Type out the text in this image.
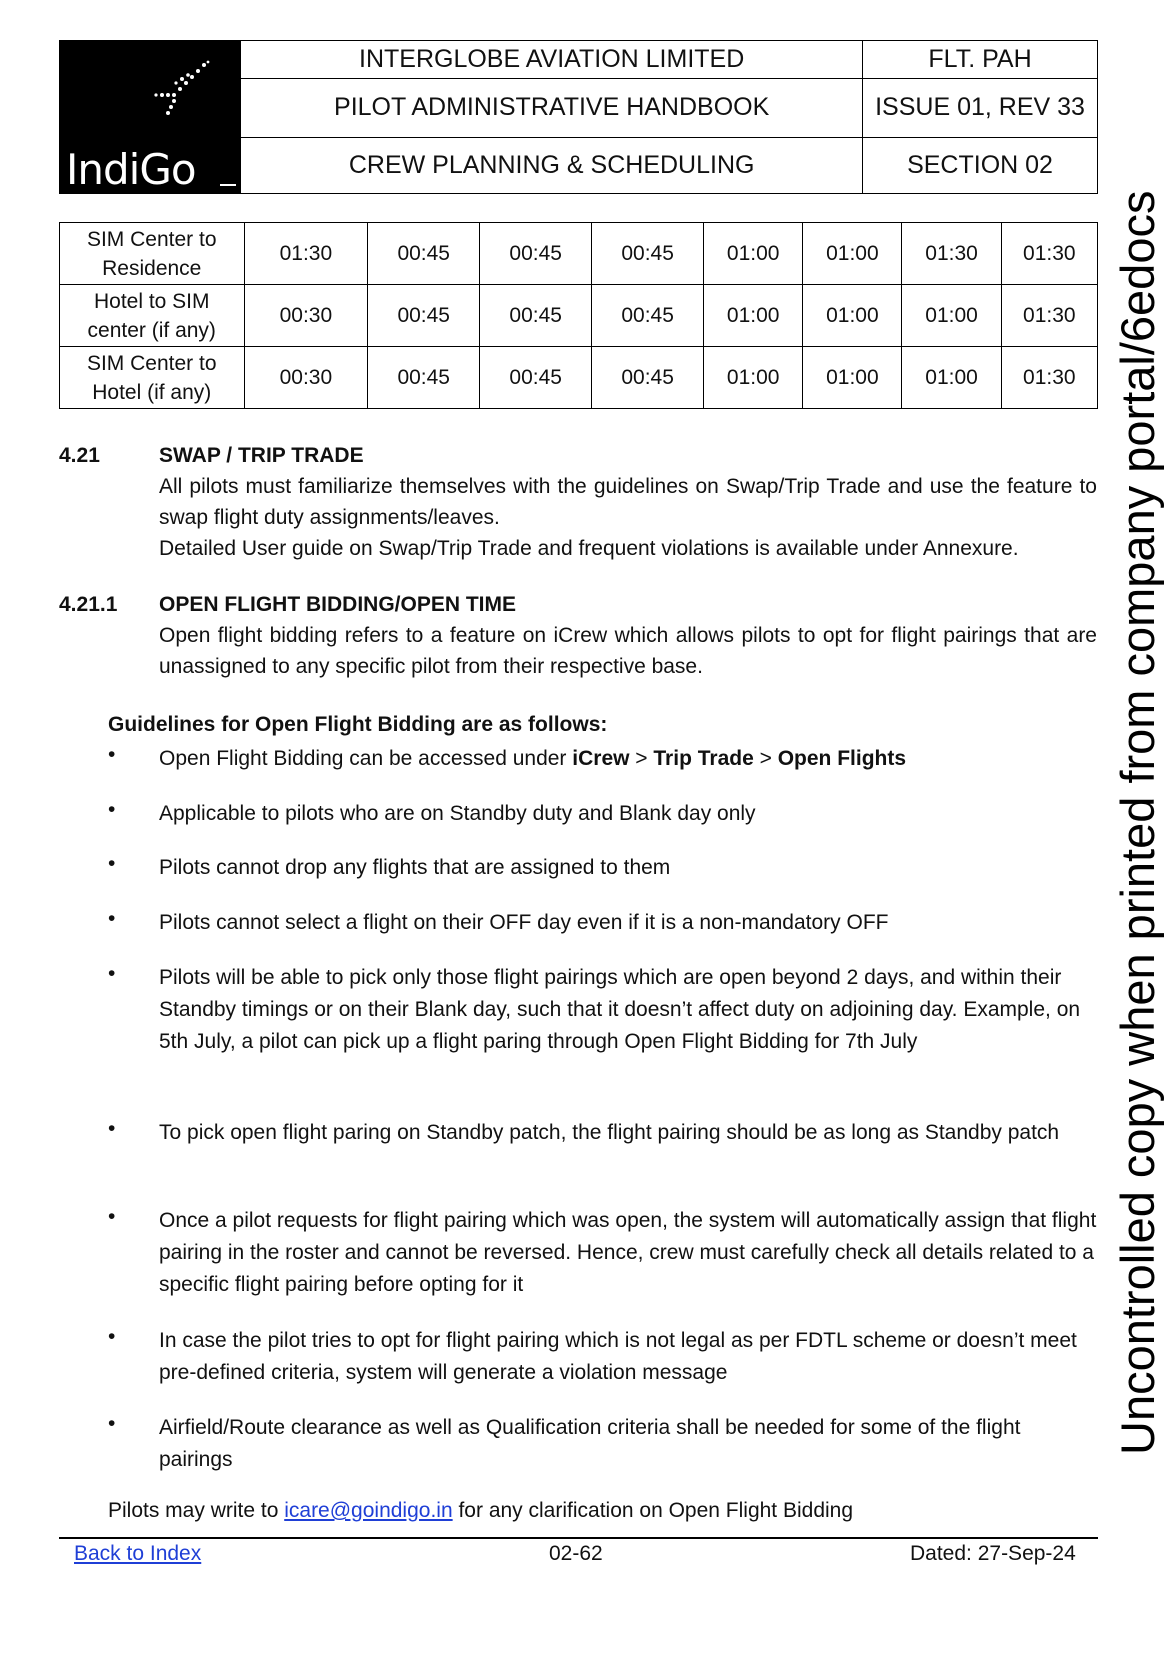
IndiGo	INTERGLOBE AVIATION LIMITED	FLT. PAH
	PILOT ADMINISTRATIVE HANDBOOK	ISSUE 01, REV 33
	CREW PLANNING & SCHEDULING	SECTION 02
SIM Center to
Residence	01:30	00:45	00:45	00:45	01:00	01:00	01:30	01:30

Hotel to SIM
center (if any)	00:30	00:45	00:45	00:45	01:00	01:00	01:00	01:30

SIM Center to
Hotel (if any)	00:30	00:45	00:45	00:45	01:00	01:00	01:00	01:30
4.21	SWAP / TRIP TRADE
All pilots must familiarize themselves with the guidelines on Swap/Trip Trade and use the feature to swap flight duty assignments/leaves.
Detailed User guide on Swap/Trip Trade and frequent violations is available under Annexure.
4.21.1 OPEN FLIGHT BIDDING/OPEN TIME
Open flight bidding refers to a feature on iCrew which allows pilots to opt for flight pairings that are unassigned to any specific pilot from their respective base.
Guidelines for Open Flight Bidding are as follows:
• Open Flight Bidding can be accessed under iCrew > Trip Trade > Open Flights
• Applicable to pilots who are on Standby duty and Blank day only
• Pilots cannot drop any flights that are assigned to them
• Pilots cannot select a flight on their OFF day even if it is a non-mandatory OFF
• Pilots will be able to pick only those flight pairings which are open beyond 2 days, and within their Standby timings or on their Blank day, such that it doesn’t affect duty on adjoining day. Example, on 5th July, a pilot can pick up a flight paring through Open Flight Bidding for 7th July
• To pick open flight paring on Standby patch, the flight pairing should be as long as Standby patch
• Once a pilot requests for flight pairing which was open, the system will automatically assign that flight pairing in the roster and cannot be reversed. Hence, crew must carefully check all details related to a specific flight pairing before opting for it
• In case the pilot tries to opt for flight pairing which is not legal as per FDTL scheme or doesn’t meet pre-defined criteria, system will generate a violation message
• Airfield/Route clearance as well as Qualification criteria shall be needed for some of the flight pairings
Pilots may write to icare@goindigo.in for any clarification on Open Flight Bidding
Back to Index	02-62	Dated: 27-Sep-24
Uncontrolled copy when printed from company portal/6edocs
